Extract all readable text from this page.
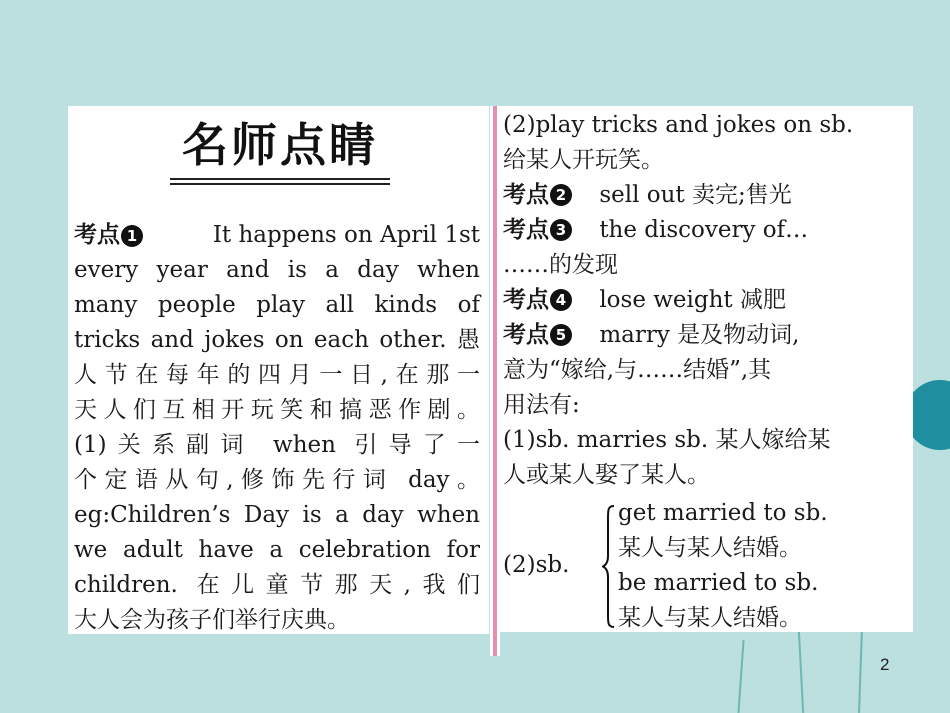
名师点睛
考点 1	It happens on April 1st
every year and is a day when
many people play all kinds of
tricks and jokes on each other. 愚
人节在每年的四月一日,在那一
天人们互相开玩笑和搞恶作剧。
(1)关系副词 when 引导了一
个定语从句,修饰先行词 day。
eg:Children’s Day is a day when
we adult have a celebration for
children. 在儿童节那天,我们
大人会为孩子们举行庆典。
(2)play tricks and jokes on sb.
给某人开玩笑。
考点 2 sell out 卖完;售光
考点 3 the discovery of…
……的发现
考点 4 lose weight 减肥
考点 5 marry 是及物动词,
意为“嫁给,与……结婚”,其
用法有:
(1)sb. marries sb. 某人嫁给某
人或某人娶了某人。
(2)sb.
get married to sb.
某人与某人结婚。
be married to sb.
某人与某人结婚。
2
